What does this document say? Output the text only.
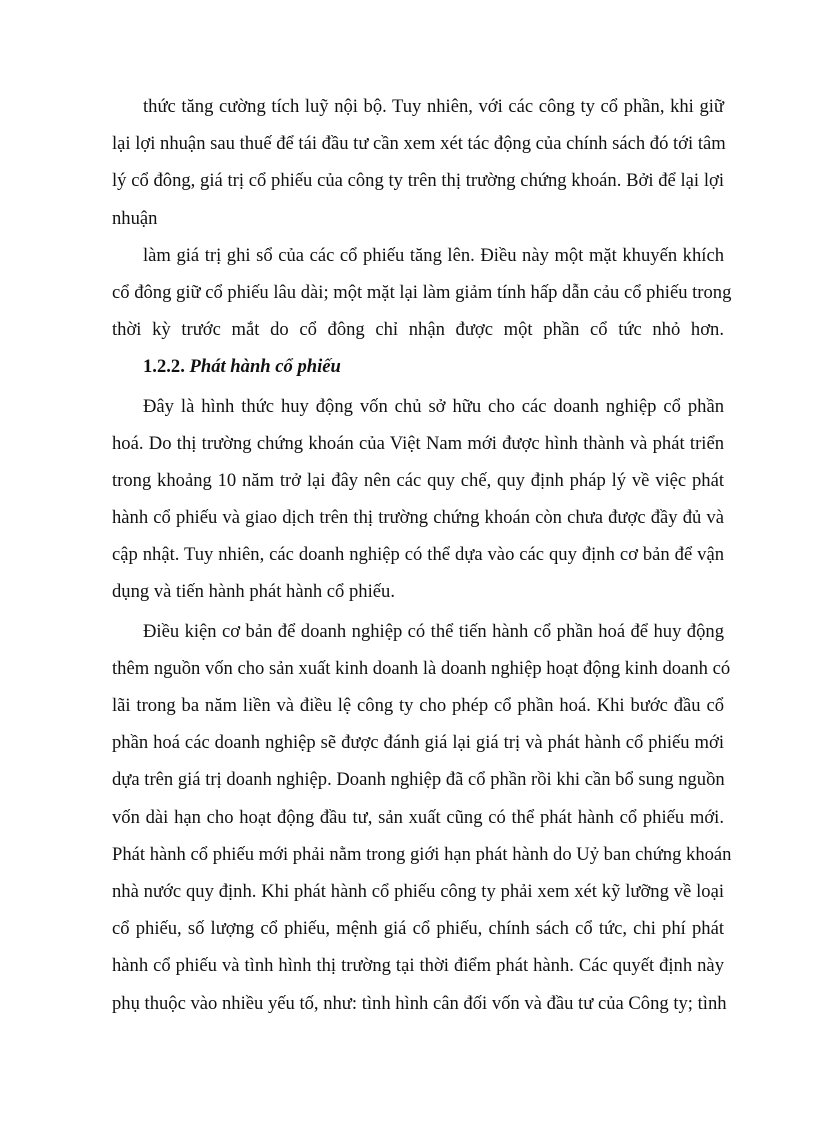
thức tăng cường tích luỹ nội bộ. Tuy nhiên, với các công ty cổ phần, khi giữ
lại lợi nhuận sau thuế để tái đầu tư cần xem xét tác động của chính sách đó tới tâm
lý cổ đông, giá trị cổ phiếu của công ty trên thị trường chứng khoán. Bởi để lại lợi
nhuận
làm giá trị ghi sổ của các cổ phiếu tăng lên. Điều này một mặt khuyến khích
cổ đông giữ cổ phiếu lâu dài; một mặt lại làm giảm tính hấp dẫn cảu cổ phiếu trong
thời kỳ trước mắt do cổ đông chỉ nhận được một phần cổ tức nhỏ hơn.
1.2.2. Phát hành cổ phiếu
Đây là hình thức huy động vốn chủ sở hữu cho các doanh nghiệp cổ phần
hoá. Do thị trường chứng khoán của Việt Nam mới được hình thành và phát triển
trong khoảng 10 năm trở lại đây nên các quy chế, quy định pháp lý về việc phát
hành cổ phiếu và giao dịch trên thị trường chứng khoán còn chưa được đầy đủ và
cập nhật. Tuy nhiên, các doanh nghiệp có thể dựa vào các quy định cơ bản để vận
dụng và tiến hành phát hành cổ phiếu.
Điều kiện cơ bản để doanh nghiệp có thể tiến hành cổ phần hoá để huy động
thêm nguồn vốn cho sản xuất kinh doanh là doanh nghiệp hoạt động kinh doanh có
lãi trong ba năm liền và điều lệ công ty cho phép cổ phần hoá. Khi bước đầu cổ
phần hoá các doanh nghiệp sẽ được đánh giá lại giá trị và phát hành cổ phiếu mới
dựa trên giá trị doanh nghiệp. Doanh nghiệp đã cổ phần rồi khi cần bổ sung nguồn
vốn dài hạn cho hoạt động đầu tư, sản xuất cũng có thể phát hành cổ phiếu mới.
Phát hành cổ phiếu mới phải nằm trong giới hạn phát hành do Uỷ ban chứng khoán
nhà nước quy định. Khi phát hành cổ phiếu công ty phải xem xét kỹ lưỡng về loại
cổ phiếu, số lượng cổ phiếu, mệnh giá cổ phiếu, chính sách cổ tức, chi phí phát
hành cổ phiếu và tình hình thị trường tại thời điểm phát hành. Các quyết định này
phụ thuộc vào nhiều yếu tố, như: tình hình cân đối vốn và đầu tư của Công ty; tình
